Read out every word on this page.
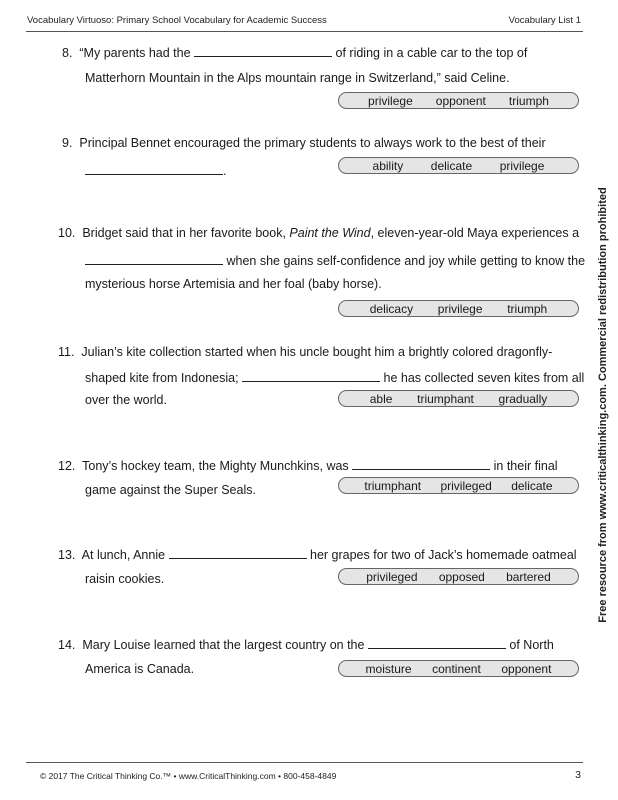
Vocabulary Virtuoso: Primary School Vocabulary for Academic Success	Vocabulary List 1
8. “My parents had the	of riding in a cable car to the top of
Matterhorn Mountain in the Alps mountain range in Switzerland,” said Celine.
privilege opponent triumph
9. Principal Bennet encouraged the primary students to always work to the best of their
.	ability delicate privilege
10. Bridget said that in her favorite book, Paint the Wind, eleven-year-old Maya experiences a
when she gains self-confidence and joy while getting to know the
mysterious horse Artemisia and her foal (baby horse).
delicacy privilege triumph
11. Julian’s kite collection started when his uncle bought him a brightly colored dragonfly-
shaped kite from Indonesia;	he has collected seven kites from all
over the world.	able triumphant gradually
12. Tony’s hockey team, the Mighty Munchkins, was	in their final
game against the Super Seals.	triumphant privileged delicate
13. At lunch, Annie	her grapes for two of Jack’s homemade oatmeal
raisin cookies.	privileged opposed bartered
14. Mary Louise learned that the largest country on the	of North
America is Canada.	moisture continent opponent
Free resource from www.criticalthinking.com. Commercial redistribution prohibited
© 2017 The Critical Thinking Co.™ • www.CriticalThinking.com • 800-458-4849	3
